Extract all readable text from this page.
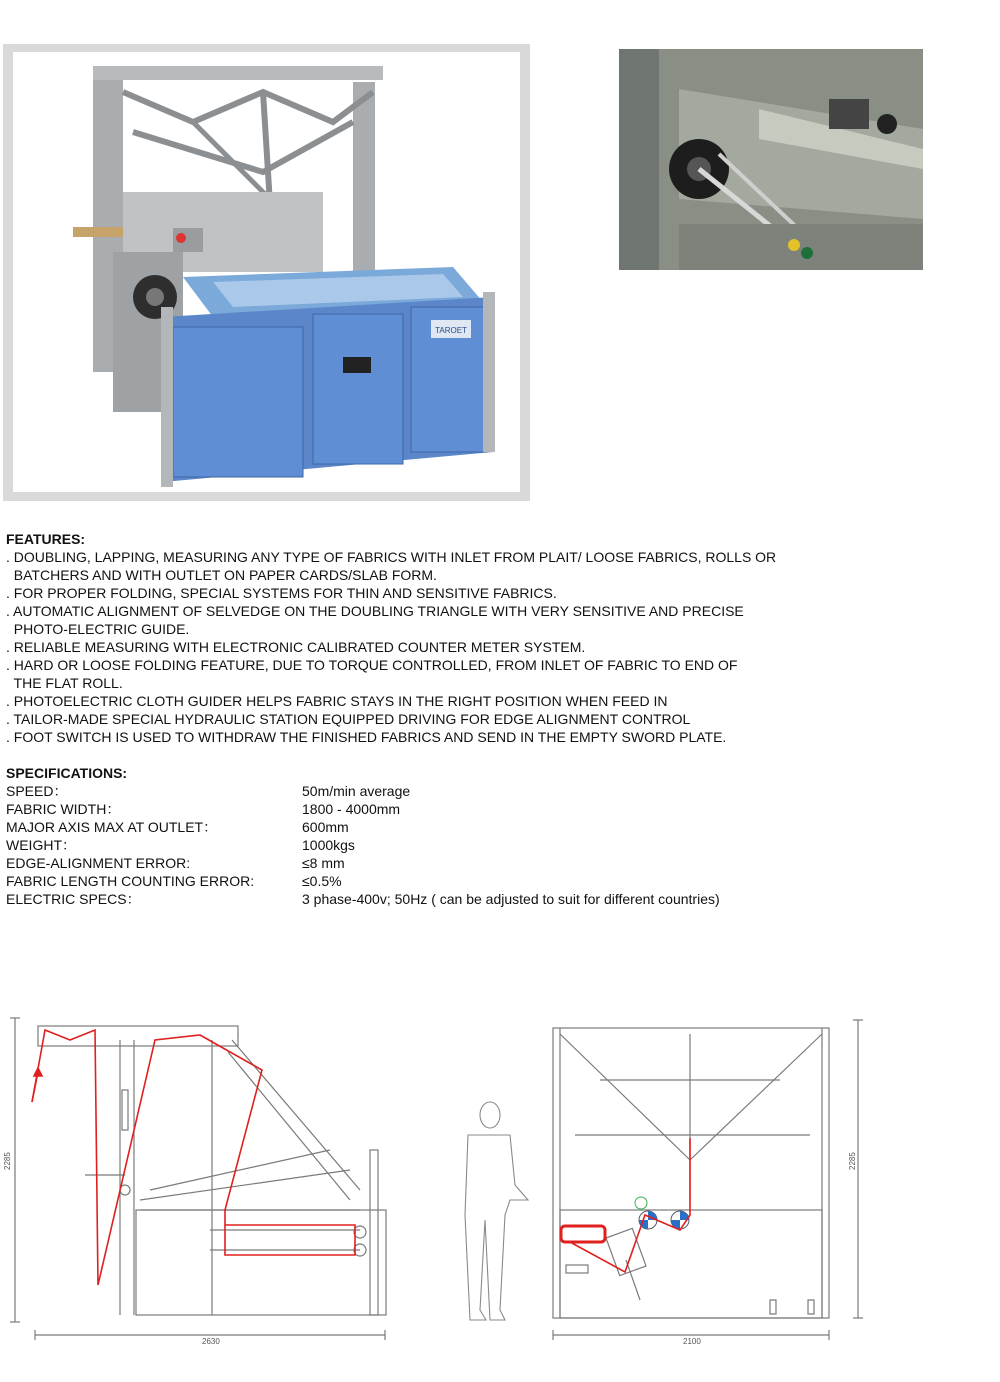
TAROET
FEATURES:
. DOUBLING, LAPPING, MEASURING ANY TYPE OF FABRICS WITH INLET FROM PLAIT/ LOOSE FABRICS, ROLLS OR
BATCHERS AND WITH OUTLET ON PAPER CARDS/SLAB FORM.
. FOR PROPER FOLDING, SPECIAL SYSTEMS FOR THIN AND SENSITIVE FABRICS.
. AUTOMATIC ALIGNMENT OF SELVEDGE ON THE DOUBLING TRIANGLE WITH VERY SENSITIVE AND PRECISE
PHOTO-ELECTRIC GUIDE.
. RELIABLE MEASURING WITH ELECTRONIC CALIBRATED COUNTER METER SYSTEM.
. HARD OR LOOSE FOLDING FEATURE, DUE TO TORQUE CONTROLLED, FROM INLET OF FABRIC TO END OF
THE FLAT ROLL.
. PHOTOELECTRIC CLOTH GUIDER HELPS FABRIC STAYS IN THE RIGHT POSITION WHEN FEED IN
. TAILOR-MADE SPECIAL HYDRAULIC STATION EQUIPPED DRIVING FOR EDGE ALIGNMENT CONTROL
. FOOT SWITCH IS USED TO WITHDRAW THE FINISHED FABRICS AND SEND IN THE EMPTY SWORD PLATE.
SPECIFICATIONS:
SPEED：	50m/min average
FABRIC WIDTH：	1800 - 4000mm
MAJOR AXIS MAX AT OUTLET：	600mm
WEIGHT：	1000kgs
EDGE-ALIGNMENT ERROR:	≤8 mm
FABRIC LENGTH COUNTING ERROR:	≤0.5%
ELECTRIC SPECS：	3 phase-400v; 50Hz ( can be adjusted to suit for different countries)
2285
2630
2285
2100
